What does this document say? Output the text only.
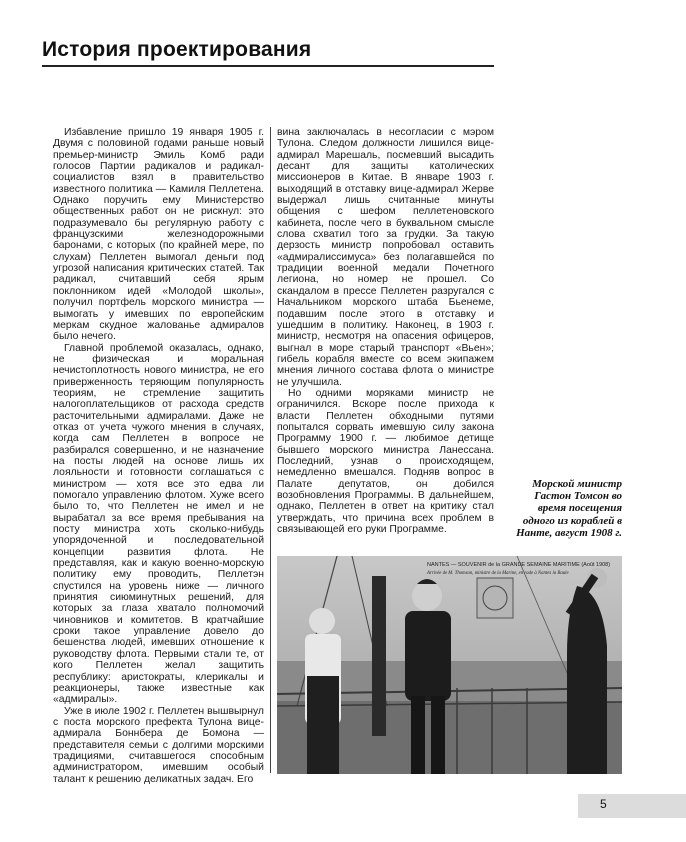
История проектирования

Избавление пришло 19 января 1905 г. Двумя с половиной годами раньше новый премьер-министр Эмиль Комб ради голосов Партии радикалов и радикал-социалистов взял в правительство известного политика — Камиля Пеллетена. Однако поручить ему Министерство общественных работ он не рискнул: это подразумевало бы регулярную работу с французскими железнодорожными баронами, с которых (по крайней мере, по слухам) Пеллетен вымогал деньги под угрозой написания критических статей. Так радикал, считавший себя ярым поклонником идей «Молодой школы», получил портфель морского министра — вымогать у имевших по европейским меркам скудное жалованье адмиралов было нечего.

Главной проблемой оказалась, однако, не физическая и моральная нечистоплотность нового министра, не его приверженность теряющим популярность теориям, не стремление защитить налогоплательщиков от расхода средств расточительными адмиралами. Даже не отказ от учета чужого мнения в случаях, когда сам Пеллетен в вопросе не разбирался совершенно, и не назначение на посты людей на основе лишь их лояльности и готовности соглашаться с министром — хотя все это едва ли помогало управлению флотом. Хуже всего было то, что Пеллетен не имел и не вырабатал за все время пребывания на посту министра хоть сколько-нибудь упорядоченной и последовательной концепции развития флота. Не представляя, как и какую военно-морскую политику ему проводить, Пеллетэн спустился на уровень ниже — личного принятия сиюминутных решений, для которых за глаза хватало полномочий чиновников и комитетов. В кратчайшие сроки такое управление довело до бешенства людей, имевших отношение к руководству флота. Первыми стали те, от кого Пеллетен желал защитить республику: аристократы, клерикалы и реакционеры, также известные как «адмиралы».

Уже в июле 1902 г. Пеллетен вышвырнул с поста морского префекта Тулона вице-адмирала Боннбера де Бомона — представителя семьи с долгими морскими традициями, считавшегося способным администратором, имевшим особый талант к решению деликатных задач. Его

вина заключалась в несогласии с мэром Тулона. Следом должности лишился вице-адмирал Марешаль, посмевший высадить десант для защиты католических миссионеров в Китае. В январе 1903 г. выходящий в отставку вице-адмирал Жерве выдержал лишь считанные минуты общения с шефом пеллетеновского кабинета, после чего в буквальном смысле слова схватил того за грудки. За такую дерзость министр попробовал оставить «адмиралиссимуса» без полагавшейся по традиции военной медали Почетного легиона, но номер не прошел. Со скандалом в прессе Пеллетен разругался с Начальником морского штаба Бьенеме, подавшим после этого в отставку и ушедшим в политику. Наконец, в 1903 г. министр, несмотря на опасения офицеров, выгнал в море старый транспорт «Вьен»; гибель корабля вместе со всем экипажем мнения личного состава флота о министре не улучшила.

Но одними моряками министр не ограничился. Вскоре после прихода к власти Пеллетен обходными путями попытался сорвать имевшую силу закона Программу 1900 г. — любимое детище бывшего морского министра Ланессана. Последний, узнав о происходящем, немедленно вмешался. Подняв вопрос в Палате депутатов, он добился возобновления Программы. В дальнейшем, однако, Пеллетен в ответ на критику стал утверждать, что причина всех проблем в связывающей его руки Программе.

Морской министр Гастон Томсон во время посещения одного из кораблей в Нанте, август 1908 г.
NANTES — SOUVENIR de la GRANDE SEMAINE MARITIME (Août 1908)
Arrivée de M. Thomson, ministre de la Marine, en rade à Nantes la Baule
5
